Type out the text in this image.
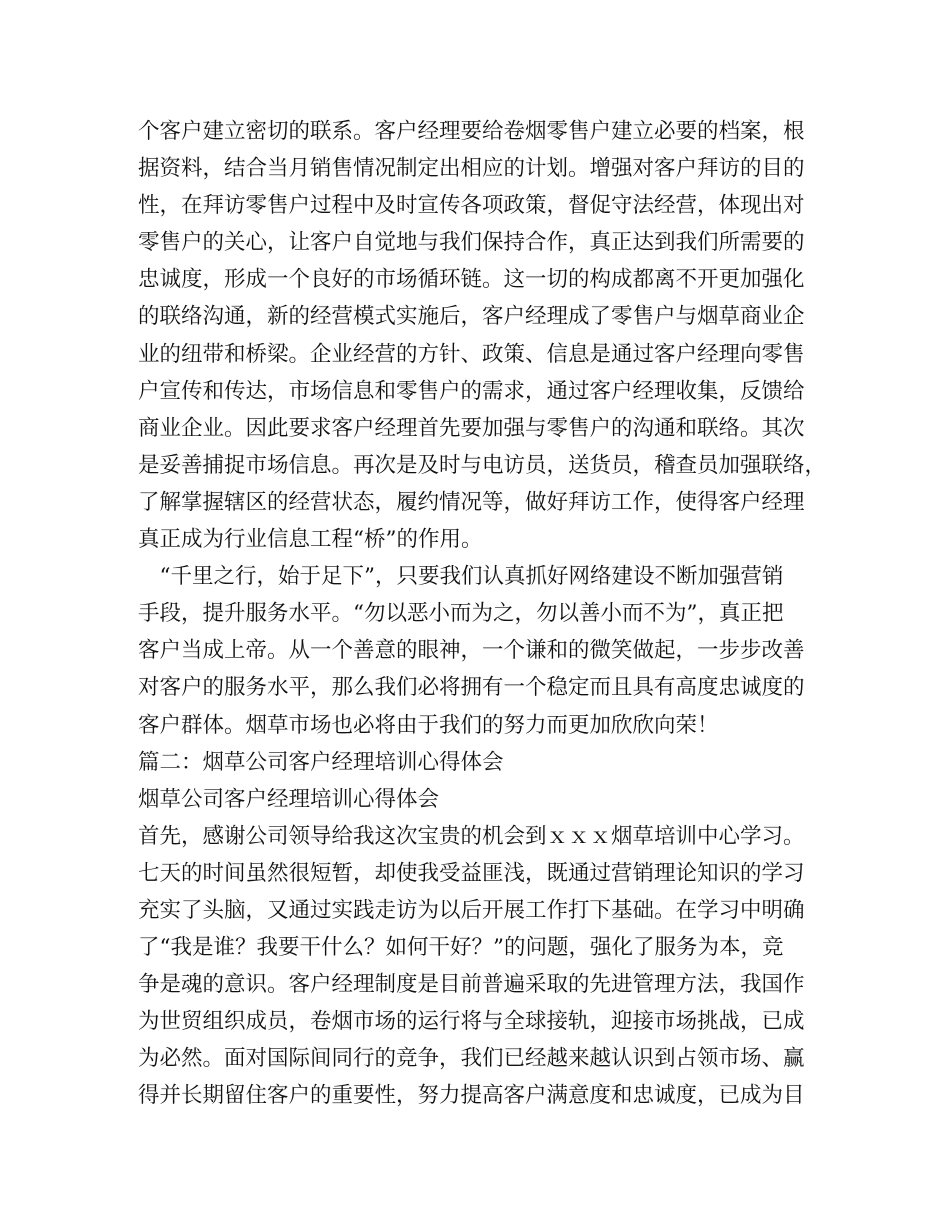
个客户建立密切的联系。客户经理要给卷烟零售户建立必要的档案，根
据资料，结合当月销售情况制定出相应的计划。增强对客户拜访的目的
性，在拜访零售户过程中及时宣传各项政策，督促守法经营，体现出对
零售户的关心，让客户自觉地与我们保持合作，真正达到我们所需要的
忠诚度，形成一个良好的市场循环链。这一切的构成都离不开更加强化
的联络沟通，新的经营模式实施后，客户经理成了零售户与烟草商业企
业的纽带和桥梁。企业经营的方针、政策、信息是通过客户经理向零售
户宣传和传达，市场信息和零售户的需求，通过客户经理收集，反馈给
商业企业。因此要求客户经理首先要加强与零售户的沟通和联络。其次
是妥善捕捉市场信息。再次是及时与电访员，送货员，稽查员加强联络，
了解掌握辖区的经营状态，履约情况等，做好拜访工作，使得客户经理
真正成为行业信息工程“桥”的作用。
　“千里之行，始于足下”，只要我们认真抓好网络建设不断加强营销
手段，提升服务水平。“勿以恶小而为之，勿以善小而不为”，真正把
客户当成上帝。从一个善意的眼神，一个谦和的微笑做起，一步步改善
对客户的服务水平，那么我们必将拥有一个稳定而且具有高度忠诚度的
客户群体。烟草市场也必将由于我们的努力而更加欣欣向荣！
篇二：烟草公司客户经理培训心得体会
烟草公司客户经理培训心得体会
首先，感谢公司领导给我这次宝贵的机会到ｘｘｘ烟草培训中心学习。
七天的时间虽然很短暂，却使我受益匪浅，既通过营销理论知识的学习
充实了头脑，又通过实践走访为以后开展工作打下基础。在学习中明确
了“我是谁？我要干什么？如何干好？”的问题，强化了服务为本，竞
争是魂的意识。客户经理制度是目前普遍采取的先进管理方法，我国作
为世贸组织成员，卷烟市场的运行将与全球接轨，迎接市场挑战，已成
为必然。面对国际间同行的竞争，我们已经越来越认识到占领市场、赢
得并长期留住客户的重要性，努力提高客户满意度和忠诚度，已成为目
